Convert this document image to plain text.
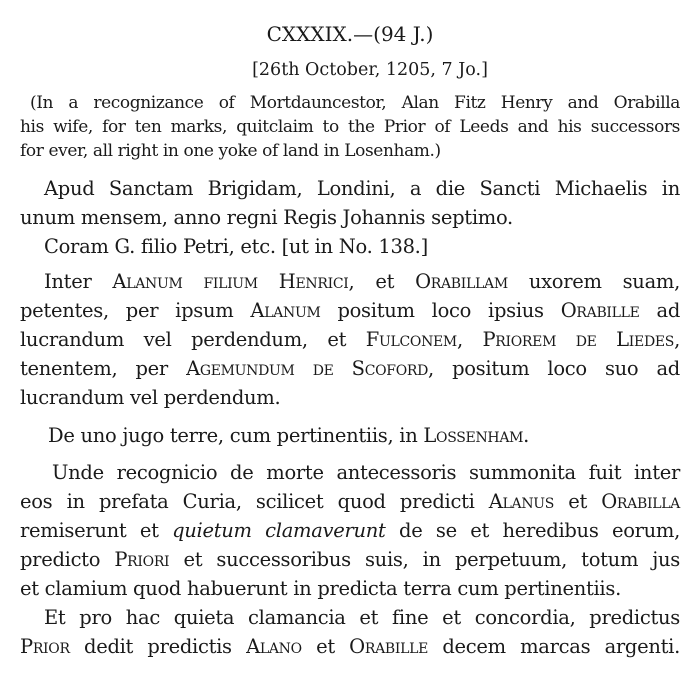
CXXXIX.—(94 J.)
[26th October, 1205, 7 Jo.]
(In a recognizance of Mortdauncestor, Alan Fitz Henry and Orabilla
his wife, for ten marks, quitclaim to the Prior of Leeds and his successors
for ever, all right in one yoke of land in Losenham.)
Apud Sanctam Brigidam, Londini, a die Sancti Michaelis in
unum mensem, anno regni Regis Johannis septimo.
Coram G. filio Petri, etc. [ut in No. 138.]
Inter Alanum filium Henrici, et Orabillam uxorem suam,
petentes, per ipsum Alanum positum loco ipsius Orabille ad
lucrandum vel perdendum, et Fulconem, Priorem de Liedes,
tenentem, per Agemundum de Scoford, positum loco suo ad
lucrandum vel perdendum.
De uno jugo terre, cum pertinentiis, in Lossenham.
Unde recognicio de morte antecessoris summonita fuit inter
eos in prefata Curia, scilicet quod predicti Alanus et Orabilla
remiserunt et quietum clamaverunt de se et heredibus eorum,
predicto Priori et successoribus suis, in perpetuum, totum jus
et clamium quod habuerunt in predicta terra cum pertinentiis.
Et pro hac quieta clamancia et fine et concordia, predictus
Prior dedit predictis Alano et Orabille decem marcas argenti.
